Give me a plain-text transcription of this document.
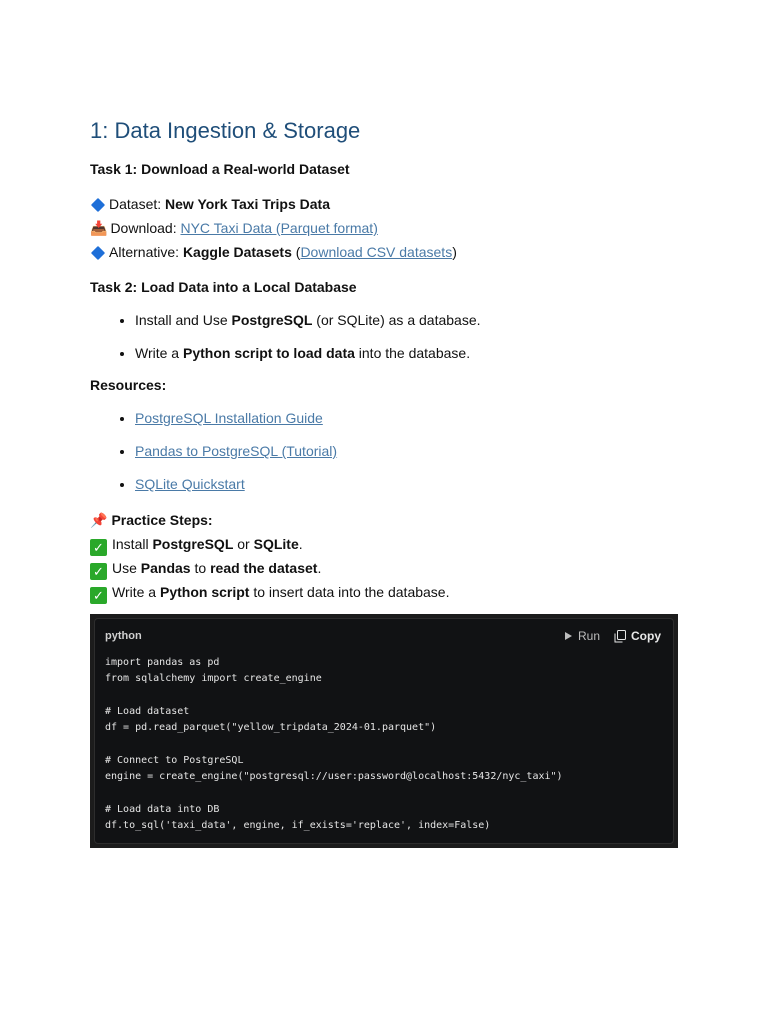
1: Data Ingestion & Storage
Task 1: Download a Real-world Dataset
Dataset: New York Taxi Trips Data
📥 Download: NYC Taxi Data (Parquet format)
Alternative: Kaggle Datasets (Download CSV datasets)
Task 2: Load Data into a Local Database
• Install and Use PostgreSQL (or SQLite) as a database.
• Write a Python script to load data into the database.
Resources:
• PostgreSQL Installation Guide
• Pandas to PostgreSQL (Tutorial)
• SQLite Quickstart
📌 Practice Steps:
✓ Install PostgreSQL or SQLite.
✓ Use Pandas to read the dataset.
✓ Write a Python script to insert data into the database.
python	Run	Copy
import pandas as pd
from sqlalchemy import create_engine
# Load dataset
df = pd.read_parquet("yellow_tripdata_2024-01.parquet")
# Connect to PostgreSQL
engine = create_engine("postgresql://user:password@localhost:5432/nyc_taxi")
# Load data into DB
df.to_sql('taxi_data', engine, if_exists='replace', index=False)
